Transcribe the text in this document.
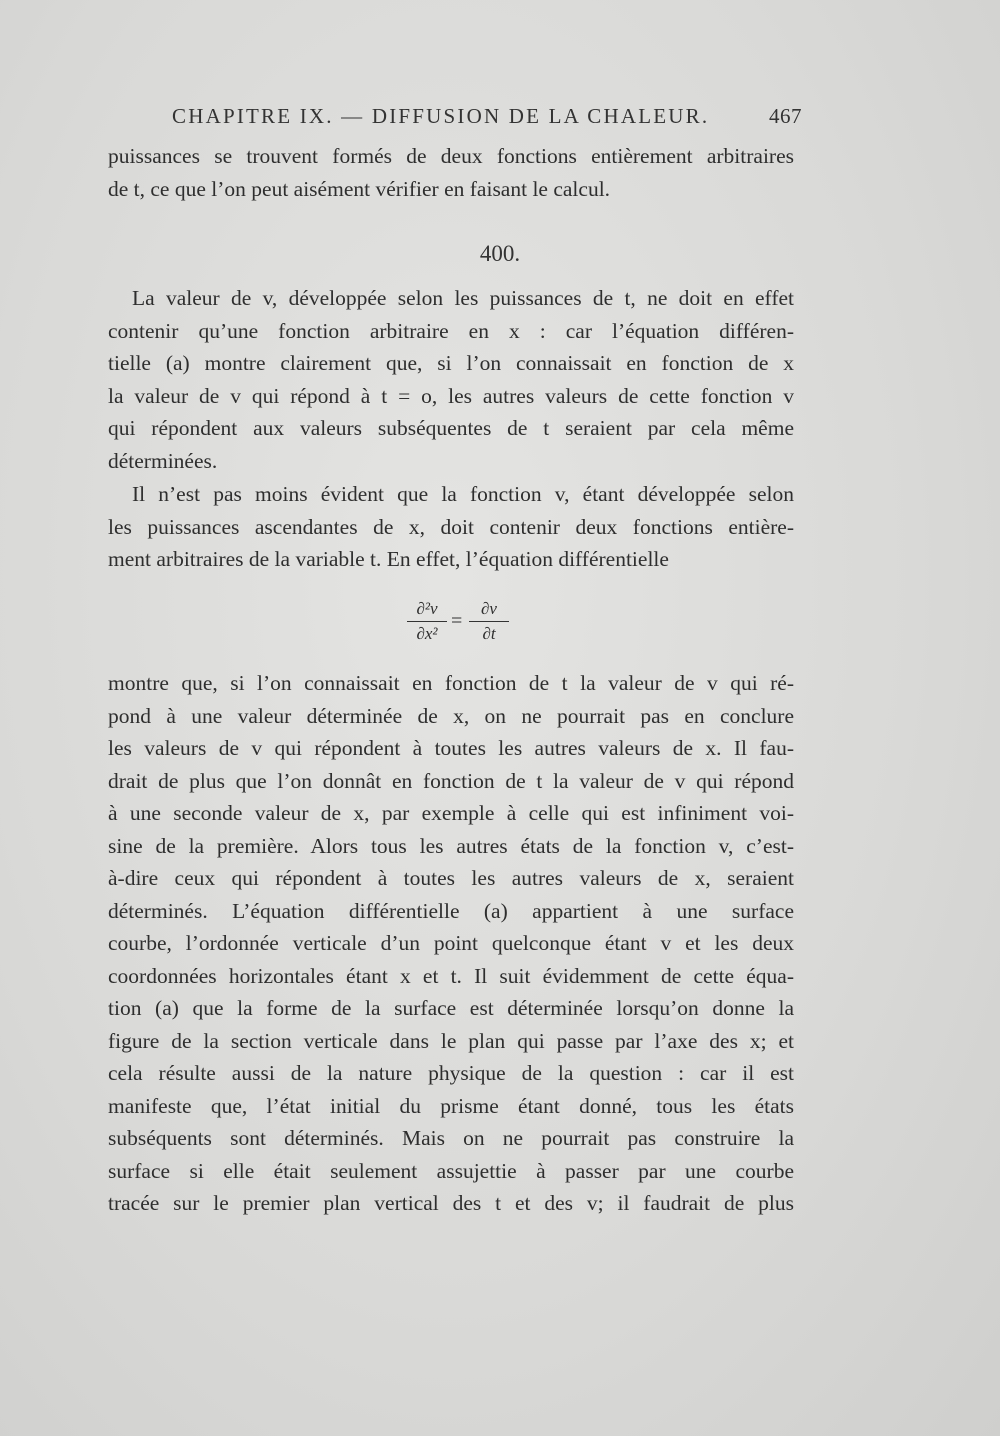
CHAPITRE IX. — DIFFUSION DE LA CHALEUR.	467
puissances se trouvent formés de deux fonctions entièrement arbitraires
de t, ce que l’on peut aisément vérifier en faisant le calcul.
400.
La valeur de v, développée selon les puissances de t, ne doit en effet
contenir qu’une fonction arbitraire en x : car l’équation différen-
tielle (a) montre clairement que, si l’on connaissait en fonction de x
la valeur de v qui répond à t = o, les autres valeurs de cette fonction v
qui répondent aux valeurs subséquentes de t seraient par cela même
déterminées.
Il n’est pas moins évident que la fonction v, étant développée selon
les puissances ascendantes de x, doit contenir deux fonctions entière-
ment arbitraires de la variable t. En effet, l’équation différentielle
∂²v
∂x²
=
∂v
∂t
montre que, si l’on connaissait en fonction de t la valeur de v qui ré-
pond à une valeur déterminée de x, on ne pourrait pas en conclure
les valeurs de v qui répondent à toutes les autres valeurs de x. Il fau-
drait de plus que l’on donnât en fonction de t la valeur de v qui répond
à une seconde valeur de x, par exemple à celle qui est infiniment voi-
sine de la première. Alors tous les autres états de la fonction v, c’est-
à-dire ceux qui répondent à toutes les autres valeurs de x, seraient
déterminés. L’équation différentielle (a) appartient à une surface
courbe, l’ordonnée verticale d’un point quelconque étant v et les deux
coordonnées horizontales étant x et t. Il suit évidemment de cette équa-
tion (a) que la forme de la surface est déterminée lorsqu’on donne la
figure de la section verticale dans le plan qui passe par l’axe des x; et
cela résulte aussi de la nature physique de la question : car il est
manifeste que, l’état initial du prisme étant donné, tous les états
subséquents sont déterminés. Mais on ne pourrait pas construire la
surface si elle était seulement assujettie à passer par une courbe
tracée sur le premier plan vertical des t et des v; il faudrait de plus
